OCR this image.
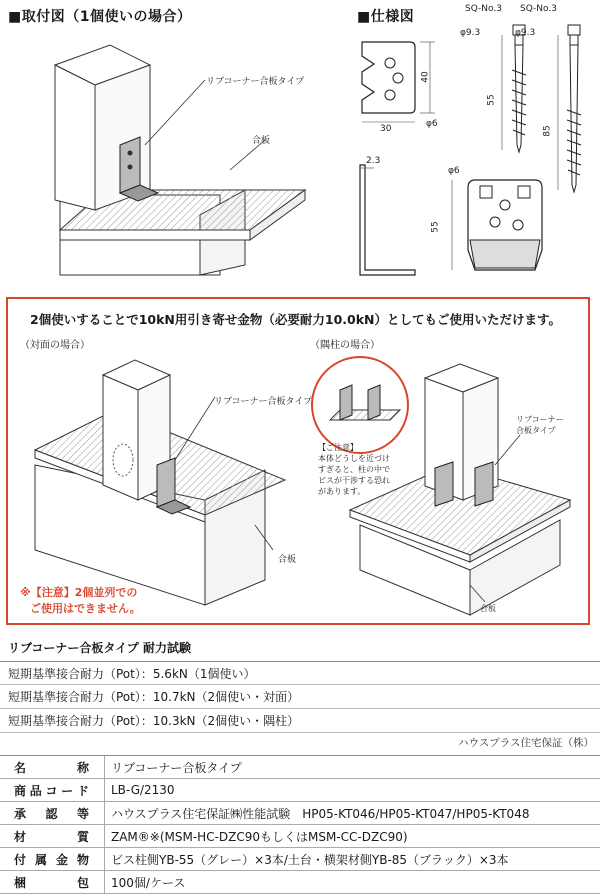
■取付図（1個使いの場合）
リブコーナー合板タイプ
合板
■仕様図	SQ-No.3
φ9.3
SQ-No.3
φ9.3
55
85
40
30	φ6
2.3
φ6
55
2個使いすることで10kN用引き寄せ金物（必要耐力10.0kN）としてもご使用いただけます。
（対面の場合）	（隅柱の場合）
リブコーナー合板タイプ
合板
※【注意】2個並列での
ご使用はできません。
リブコーナー
合板タイプ
合板
【ご注意】
本体どうしを近づけ
すぎると、柱の中で
ビスが干渉する恐れ
があります。
リブコーナー合板タイプ 耐力試験
短期基準接合耐力（Pot）：5.6kN（1個使い）
短期基準接合耐力（Pot）：10.7kN（2個使い・対面）
短期基準接合耐力（Pot）：10.3kN（2個使い・隅柱）
ハウスプラス住宅保証（株）
名称	リブコーナー合板タイプ
商品コード	LB-G/2130
承認等	ハウスプラス住宅保証㈱性能試験　HP05-KT046/HP05-KT047/HP05-KT048
材質	ZAM®※(MSM-HC-DZC90もしくはMSM-CC-DZC90)
付属金物	ビス柱側YB-55（グレー）×3本/土台・横架材側YB-85（ブラック）×3本
梱包	100個/ケース
